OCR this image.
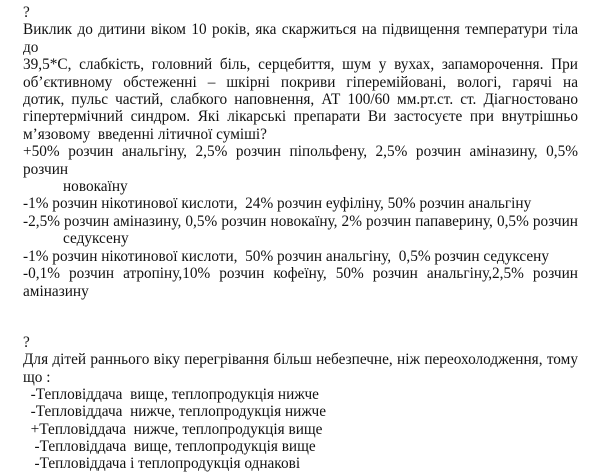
?
Виклик до дитини віком 10 років, яка скаржиться на підвищення температури тіла до
39,5*С, слабкість, головний біль, серцебиття, шум у вухах, запаморочення. При
об’єктивному обстеженні – шкірні покриви гіперемійовані, вологі, гарячі на
дотик, пульс частий, слабкого наповнення, АТ 100/60 мм.рт.ст. ст. Діагностовано
гіпертермічний синдром. Які лікарські препарати Ви застосуєте при внутрішньо
м’язовому  введенні літичної суміші?
+50% розчин анальгіну, 2,5% розчин піпольфену, 2,5% розчин аміназину, 0,5% розчин
новокаїну
-1% розчин нікотинової кислоти,  24% розчин еуфіліну, 50% розчин анальгіну
-2,5% розчин аміназину, 0,5% розчин новокаїну, 2% розчин папаверину, 0,5% розчин
седуксену
-1% розчин нікотинової кислоти,  50% розчин анальгіну,  0,5% розчин седуксену
-0,1% розчин атропіну,10% розчин кофеїну, 50% розчин анальгіну,2,5% розчин
аміназину
?
Для дітей раннього віку перегрівання більш небезпечне, ніж переохолодження, тому
що :
-Тепловіддача  вище, теплопродукція нижче
-Тепловіддача  нижче, теплопродукція нижче
+Тепловіддача  нижче, теплопродукція вище
-Тепловіддача  вище, теплопродукція вище
-Тепловіддача і теплопродукція однакові
